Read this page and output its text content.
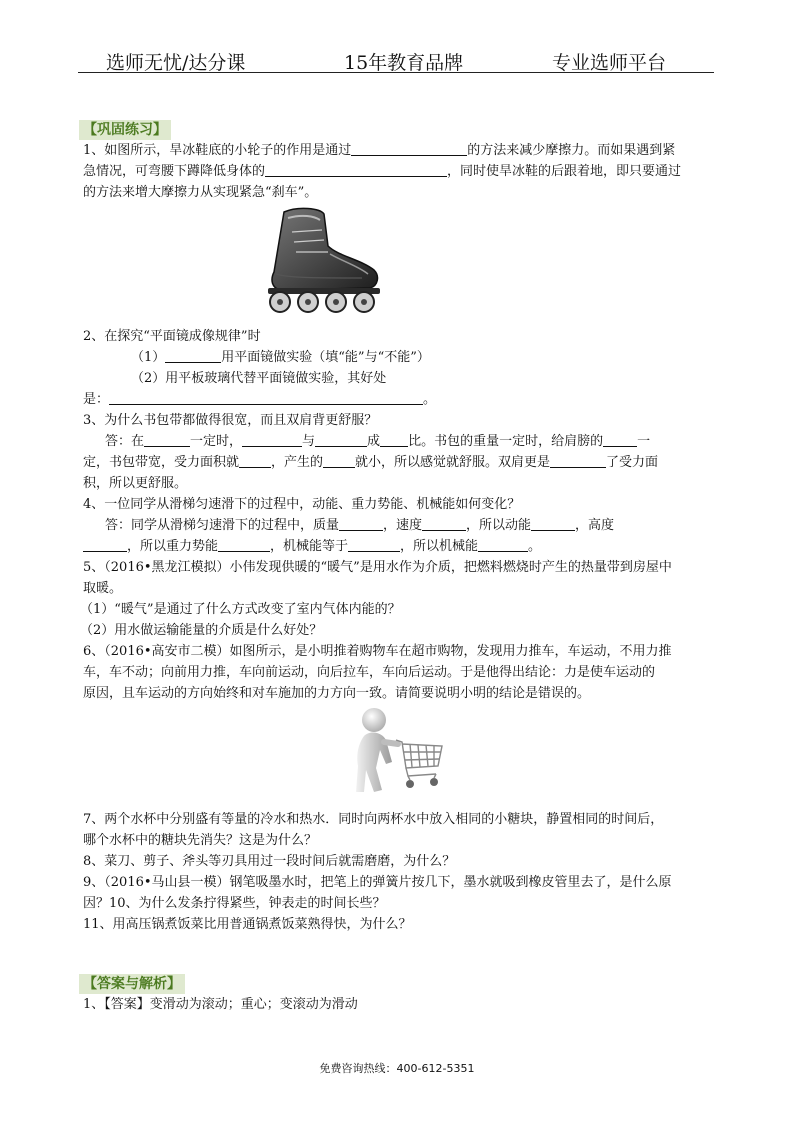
选师无忧/达分课	15年教育品牌	专业选师平台
【巩固练习】
1、如图所示，旱冰鞋底的小轮子的作用是通过	的方法来减少摩擦力。而如果遇到紧
急情况，可弯腰下蹲降低身体的	，同时使旱冰鞋的后跟着地，即只要通过
的方法来增大摩擦力从实现紧急“刹车”。
2、在探究“平面镜成像规律”时
（1）	用平面镜做实验（填“能”与“不能”）
（2）用平板玻璃代替平面镜做实验，其好处
是：	。
3、为什么书包带都做得很宽，而且双肩背更舒服？
答：在	一定时，	与	成 比。书包的重量一定时，给肩膀的	一
定，书包带宽，受力面积就 ，产生的 就小，所以感觉就舒服。双肩更是	了受力面
积，所以更舒服。
4、一位同学从滑梯匀速滑下的过程中，动能、重力势能、机械能如何变化？
答：同学从滑梯匀速滑下的过程中，质量	，速度	，所以动能	，高度
，所以重力势能	，机械能等于	，所以机械能	。
5、（2016•黑龙江模拟）小伟发现供暖的“暖气”是用水作为介质，把燃料燃烧时产生的热量带到房屋中
取暖。
（1）“暖气”是通过了什么方式改变了室内气体内能的？
（2）用水做运输能量的介质是什么好处？
6、（2016•高安市二模）如图所示，是小明推着购物车在超市购物，发现用力推车，车运动，不用力推
车，车不动；向前用力推，车向前运动，向后拉车，车向后运动。于是他得出结论：力是使车运动的
原因，且车运动的方向始终和对车施加的力方向一致。请简要说明小明的结论是错误的。
7、两个水杯中分别盛有等量的冷水和热水．同时向两杯水中放入相同的小糖块，静置相同的时间后，
哪个水杯中的糖块先消失？这是为什么？
8、菜刀、剪子、斧头等刃具用过一段时间后就需磨磨，为什么？
9、（2016•马山县一模）钢笔吸墨水时，把笔上的弹簧片按几下，墨水就吸到橡皮管里去了，是什么原
因？10、为什么发条拧得紧些，钟表走的时间长些？
11、用高压锅煮饭菜比用普通锅煮饭菜熟得快，为什么？
【答案与解析】
1、【答案】变滑动为滚动；重心；变滚动为滑动
免费咨询热线：400-612-5351
